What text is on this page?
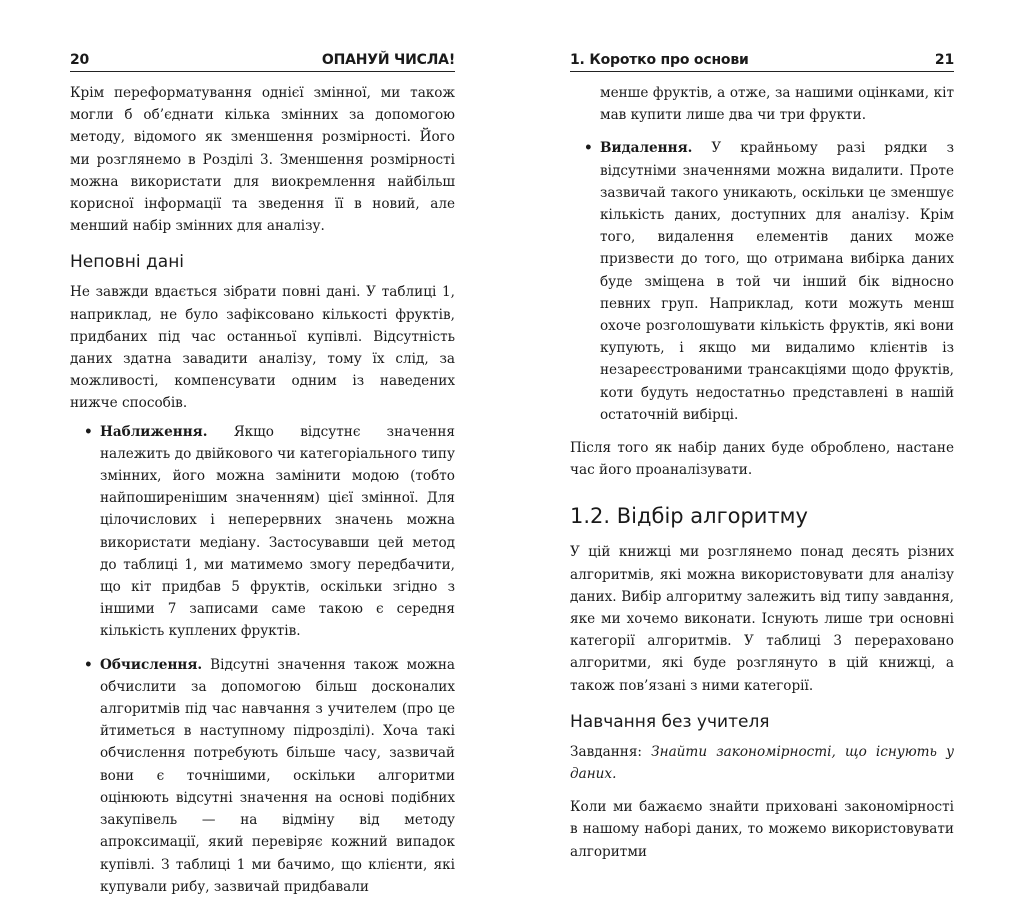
20	ОПАНУЙ ЧИСЛА!

Крім переформатування однієї змінної, ми також могли б об’єднати кілька змінних за допомогою методу, відомого як зменшення розмірності. Його ми розглянемо в Розділі 3. Зменшення розмірності можна використати для виокремлення найбільш корисної інформації та зведення її в новий, але менший набір змінних для аналізу.

Неповні дані

Не завжди вдається зібрати повні дані. У таблиці 1, наприклад, не було зафіксовано кількості фруктів, придбаних під час останньої купівлі. Відсутність даних здатна завадити аналізу, тому їх слід, за можливості, компенсувати одним із наведених нижче способів.

• Наближення. Якщо відсутнє значення належить до двійкового чи категоріального типу змінних, його можна замінити модою (тобто найпоширенішим значенням) цієї змінної. Для цілочислових і неперервних значень можна використати медіану. Застосувавши цей метод до таблиці 1, ми матимемо змогу передбачити, що кіт придбав 5 фруктів, оскільки згідно з іншими 7 записами саме такою є середня кількість куплених фруктів.
• Обчислення. Відсутні значення також можна обчислити за допомогою більш досконалих алгоритмів під час навчання з учителем (про це йтиметься в наступному підрозділі). Хоча такі обчислення потребують більше часу, зазвичай вони є точнішими, оскільки алгоритми оцінюють відсутні значення на основі подібних закупівель — на відміну від методу апроксимації, який перевіряє кожний випадок купівлі. З таблиці 1 ми бачимо, що клієнти, які купували рибу, зазвичай придбавали
1. Коротко про основи	21
менше фруктів, а отже, за нашими оцінками, кіт мав купити лише два чи три фрукти.
• Видалення. У крайньому разі рядки з відсутніми значеннями можна видалити. Проте зазвичай такого уникають, оскільки це зменшує кількість даних, доступних для аналізу. Крім того, видалення елементів даних може призвести до того, що отримана вибірка даних буде зміщена в той чи інший бік відносно певних груп. Наприклад, коти можуть менш охоче розголошувати кількість фруктів, які вони купують, і якщо ми видалимо клієнтів із незареєстрованими трансакціями щодо фруктів, коти будуть недостатньо представлені в нашій остаточній вибірці.

Після того як набір даних буде оброблено, настане час його проаналізувати.

1.2. Відбір алгоритму

У цій книжці ми розглянемо понад десять різних алгоритмів, які можна використовувати для аналізу даних. Вибір алгоритму залежить від типу завдання, яке ми хочемо виконати. Існують лише три основні категорії алгоритмів. У таблиці 3 перераховано алгоритми, які буде розглянуто в цій книжці, а також пов’язані з ними категорії.

Навчання без учителя

Завдання: Знайти закономірності, що існують у даних.

Коли ми бажаємо знайти приховані закономірності в нашому наборі даних, то можемо використовувати алгоритми
